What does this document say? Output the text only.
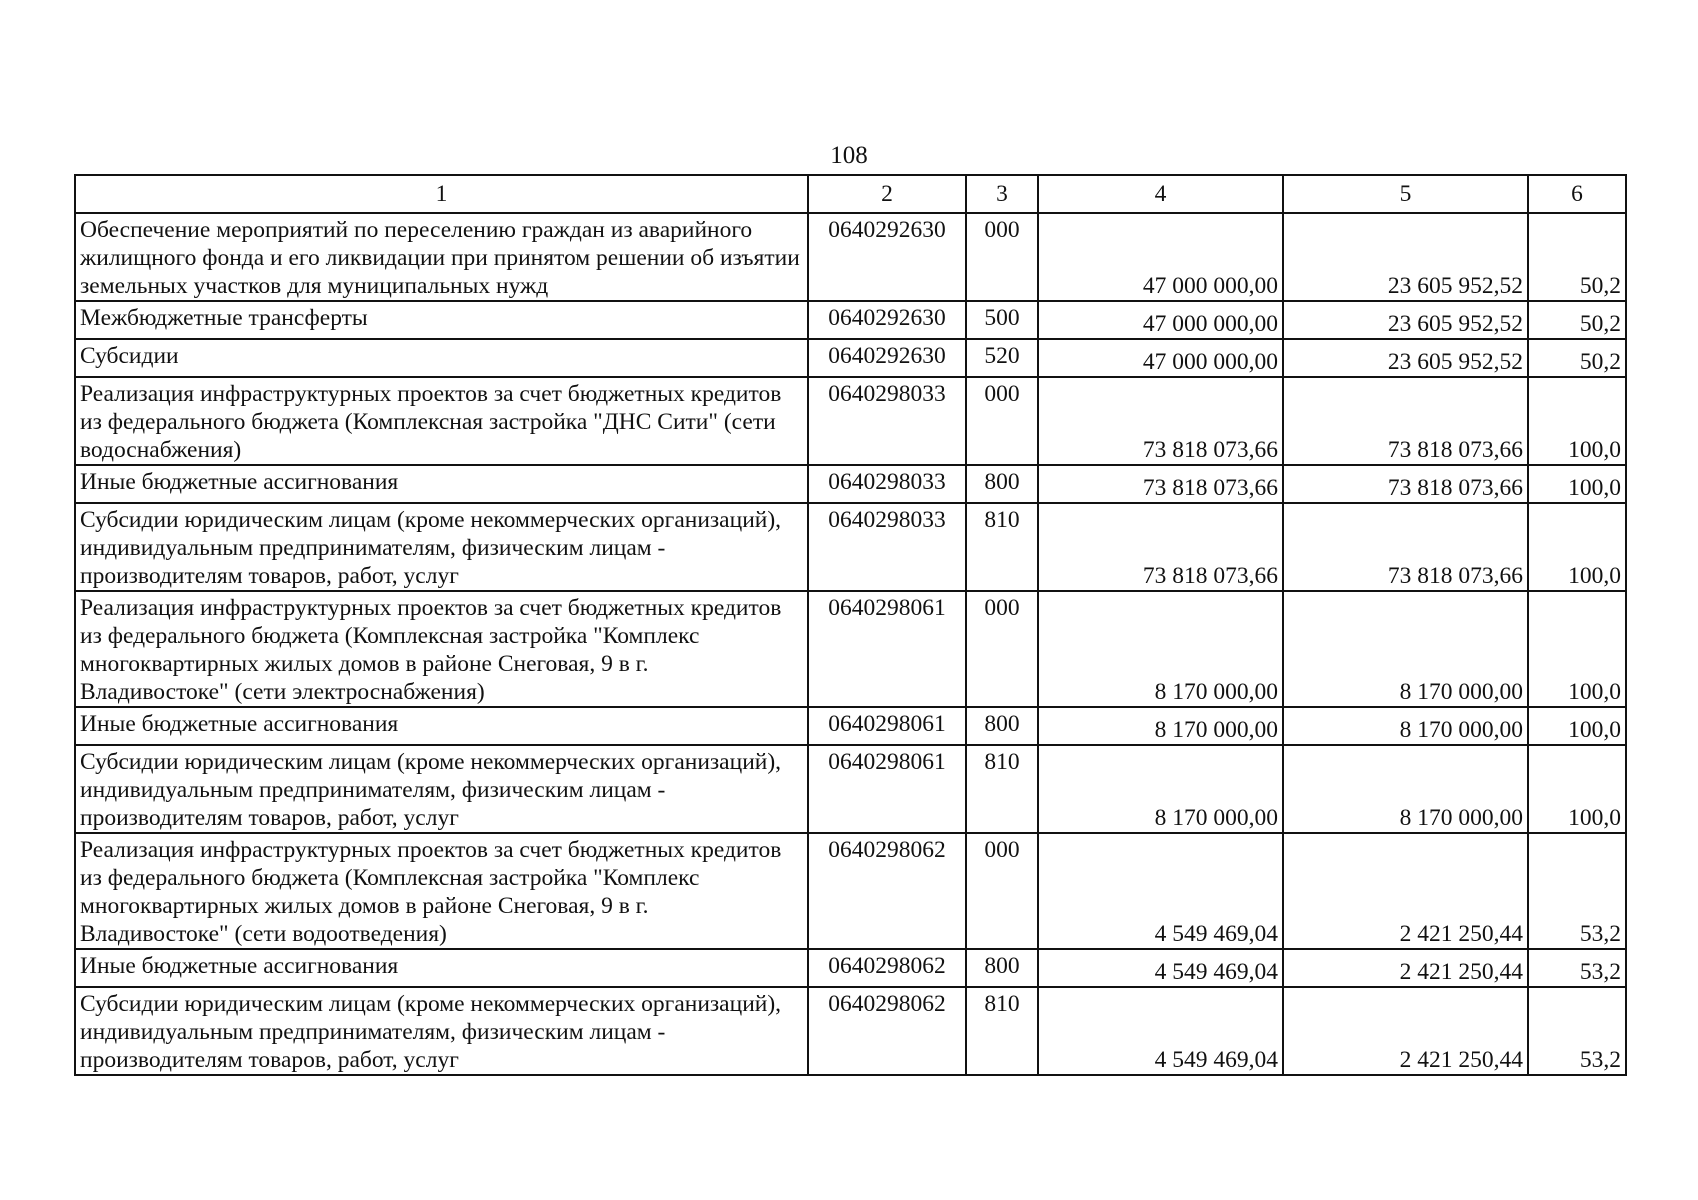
108
1	2	3	4	5	6
Обеспечение мероприятий по переселению граждан из аварийного жилищного фонда и его ликвидации при принятом решении об изъятии земельных участков для муниципальных нужд	0640292630	000	47 000 000,00	23 605 952,52	50,2
Межбюджетные трансферты	0640292630	500	47 000 000,00	23 605 952,52	50,2
Субсидии	0640292630	520	47 000 000,00	23 605 952,52	50,2
Реализация инфраструктурных проектов за счет бюджетных кредитов из федерального бюджета (Комплексная застройка "ДНС Сити" (сети водоснабжения)	0640298033	000	73 818 073,66	73 818 073,66	100,0
Иные бюджетные ассигнования	0640298033	800	73 818 073,66	73 818 073,66	100,0
Субсидии юридическим лицам (кроме некоммерческих организаций), индивидуальным предпринимателям, физическим лицам - производителям товаров, работ, услуг	0640298033	810	73 818 073,66	73 818 073,66	100,0
Реализация инфраструктурных проектов за счет бюджетных кредитов из федерального бюджета (Комплексная застройка "Комплекс многоквартирных жилых домов в районе Снеговая, 9 в г. Владивостоке" (сети электроснабжения)	0640298061	000	8 170 000,00	8 170 000,00	100,0
Иные бюджетные ассигнования	0640298061	800	8 170 000,00	8 170 000,00	100,0
Субсидии юридическим лицам (кроме некоммерческих организаций), индивидуальным предпринимателям, физическим лицам - производителям товаров, работ, услуг	0640298061	810	8 170 000,00	8 170 000,00	100,0
Реализация инфраструктурных проектов за счет бюджетных кредитов из федерального бюджета (Комплексная застройка "Комплекс многоквартирных жилых домов в районе Снеговая, 9 в г. Владивостоке" (сети водоотведения)	0640298062	000	4 549 469,04	2 421 250,44	53,2
Иные бюджетные ассигнования	0640298062	800	4 549 469,04	2 421 250,44	53,2
Субсидии юридическим лицам (кроме некоммерческих организаций), индивидуальным предпринимателям, физическим лицам - производителям товаров, работ, услуг	0640298062	810	4 549 469,04	2 421 250,44	53,2
